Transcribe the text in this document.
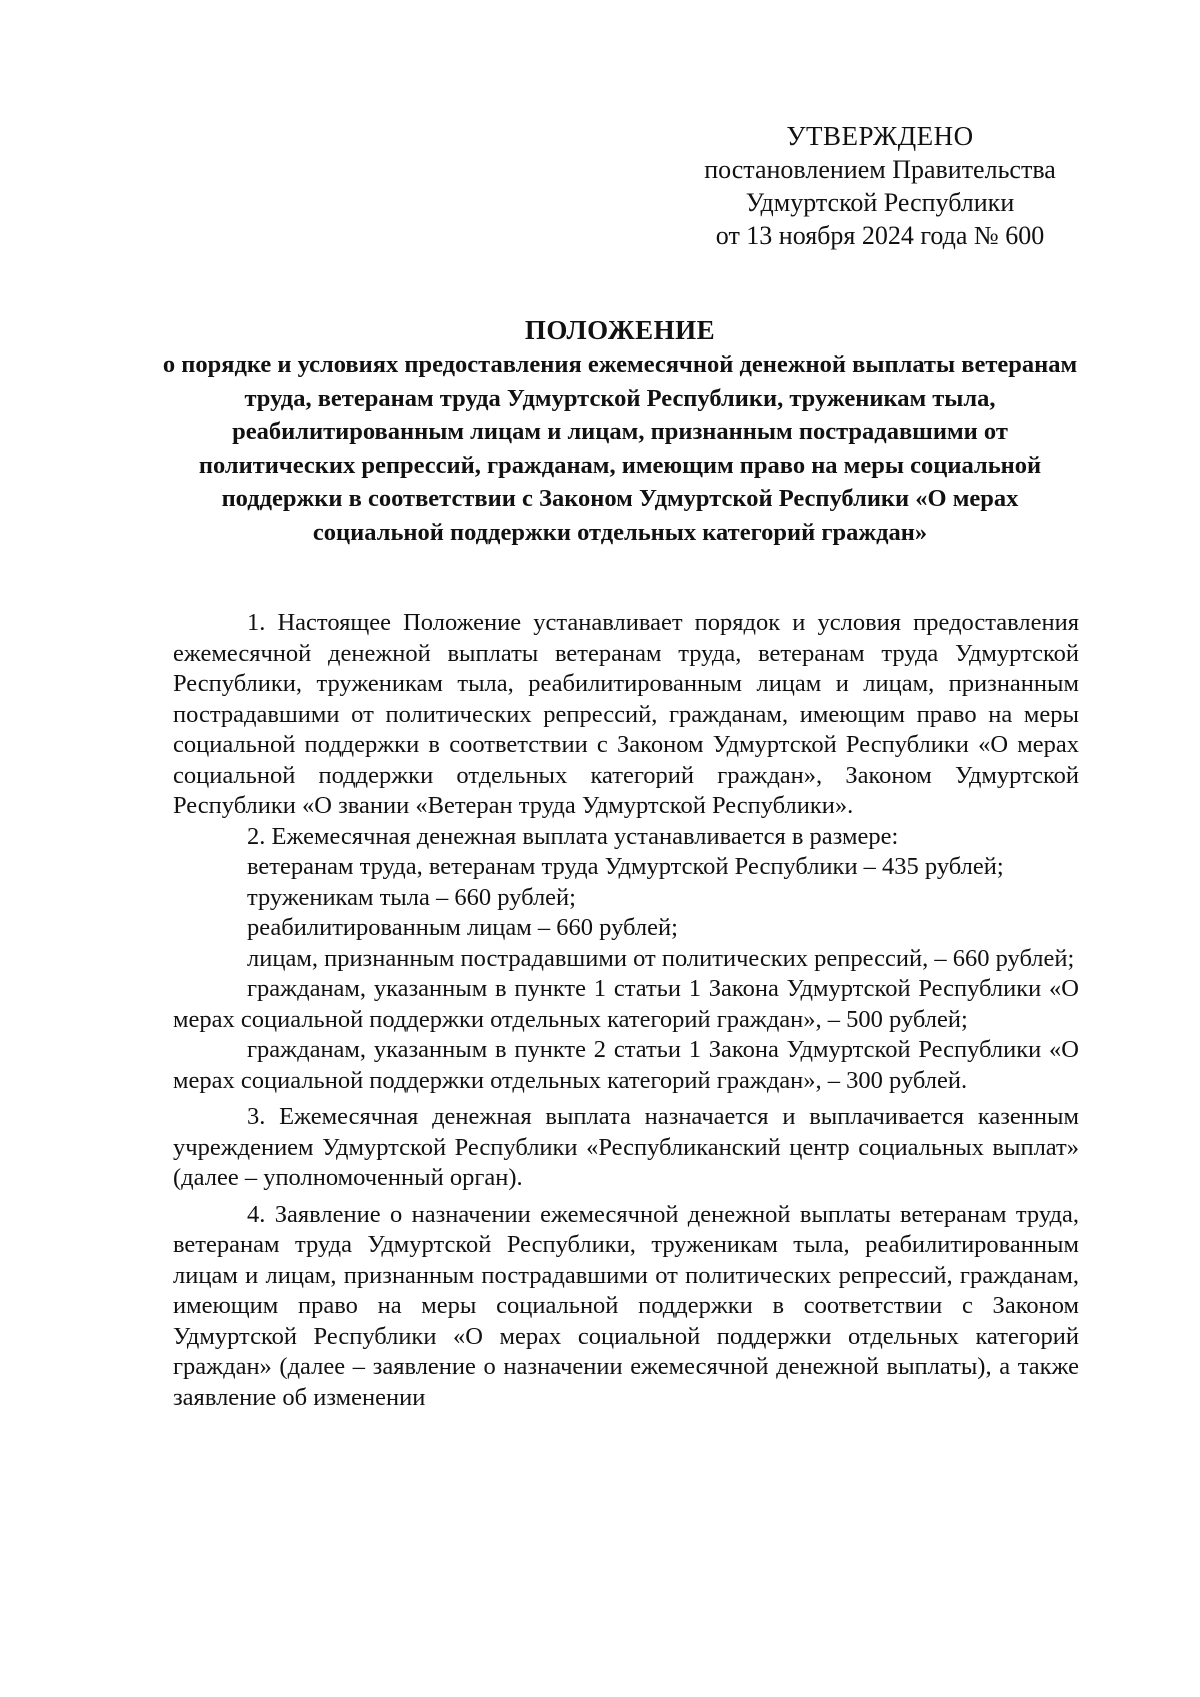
УТВЕРЖДЕНО
постановлением Правительства
Удмуртской Республики
от 13 ноября 2024 года № 600
ПОЛОЖЕНИЕ
о порядке и условиях предоставления ежемесячной денежной выплаты ветеранам труда, ветеранам труда Удмуртской Республики, труженикам тыла, реабилитированным лицам и лицам, признанным пострадавшими от политических репрессий, гражданам, имеющим право на меры социальной поддержки в соответствии с Законом Удмуртской Республики «О мерах социальной поддержки отдельных категорий граждан»

1. Настоящее Положение устанавливает порядок и условия предоставления ежемесячной денежной выплаты ветеранам труда, ветеранам труда Удмуртской Республики, труженикам тыла, реабилитированным лицам и лицам, признанным пострадавшими от политических репрессий, гражданам, имеющим право на меры социальной поддержки в соответствии с Законом Удмуртской Республики «О мерах социальной поддержки отдельных категорий граждан», Законом Удмуртской Республики «О звании «Ветеран труда Удмуртской Республики».

2. Ежемесячная денежная выплата устанавливается в размере:

ветеранам труда, ветеранам труда Удмуртской Республики – 435 рублей;

труженикам тыла – 660 рублей;

реабилитированным лицам – 660 рублей;

лицам, признанным пострадавшими от политических репрессий, – 660 рублей;

гражданам, указанным в пункте 1 статьи 1 Закона Удмуртской Республики «О мерах социальной поддержки отдельных категорий граждан», – 500 рублей;

гражданам, указанным в пункте 2 статьи 1 Закона Удмуртской Республики «О мерах социальной поддержки отдельных категорий граждан», – 300 рублей.

3. Ежемесячная денежная выплата назначается и выплачивается казенным учреждением Удмуртской Республики «Республиканский центр социальных выплат» (далее – уполномоченный орган).

4. Заявление о назначении ежемесячной денежной выплаты ветеранам труда, ветеранам труда Удмуртской Республики, труженикам тыла, реабилитированным лицам и лицам, признанным пострадавшими от политических репрессий, гражданам, имеющим право на меры социальной поддержки в соответствии с Законом Удмуртской Республики «О мерах социальной поддержки отдельных категорий граждан» (далее – заявление о назначении ежемесячной денежной выплаты), а также заявление об изменении
